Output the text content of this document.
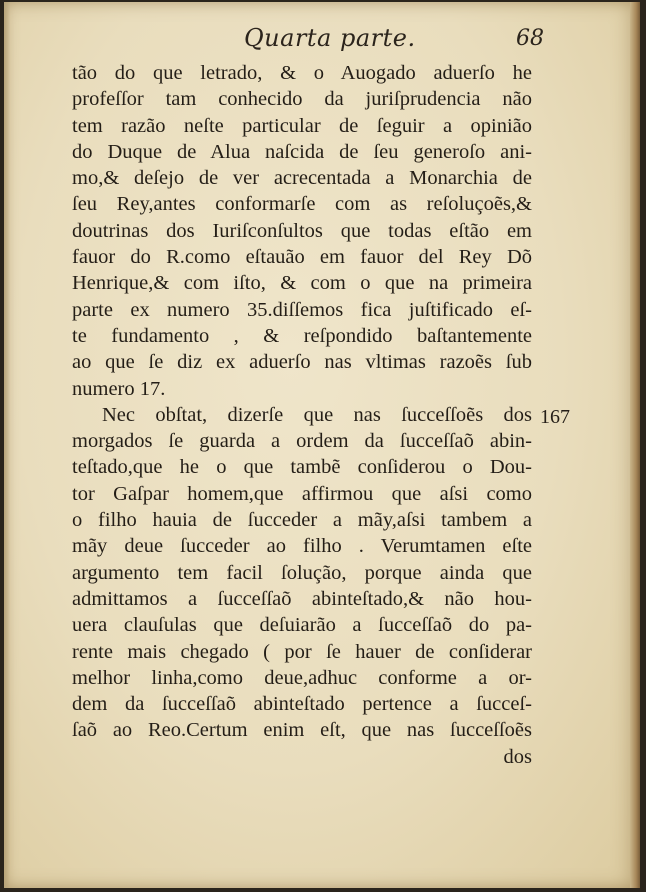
Quarta parte.	68
tão do que letrado, & o Auogado aduerſo he
profeſſor tam conhecido da juriſprudencia não
tem razão neſte particular de ſeguir a opinião
do Duque de Alua naſcida de ſeu generoſo ani-
mo,& deſejo de ver acrecentada a Monarchia de
ſeu Rey,antes conformarſe com as reſoluçoẽs,&
doutrinas dos Iuriſconſultos que todas eſtão em
fauor do R.como eſtauão em fauor del Rey Dõ
Henrique,& com iſto, & com o que na primeira
parte ex numero 35.diſſemos fica juſtificado eſ-
te fundamento , & reſpondido baſtantemente
ao que ſe diz ex aduerſo nas vltimas razoẽs ſub
numero 17.
Nec obſtat, dizerſe que nas ſucceſſoẽs dos
morgados ſe guarda a ordem da ſucceſſaõ abin-
teſtado,que he o que tambẽ conſiderou o Dou-
tor Gaſpar homem,que affirmou que aſsi como
o filho hauia de ſucceder a mãy,aſsi tambem a
mãy deue ſucceder ao filho . Verumtamen eſte
argumento tem facil ſolução, porque ainda que
admittamos a ſucceſſaõ abinteſtado,& não hou-
uera clauſulas que deſuiarão a ſucceſſaõ do pa-
rente mais chegado ( por ſe hauer de conſiderar
melhor linha,como deue,adhuc conforme a or-
dem da ſucceſſaõ abinteſtado pertence a ſucceſ-
ſaõ ao Reo.Certum enim eſt, que nas ſucceſſoẽs
dos
167
